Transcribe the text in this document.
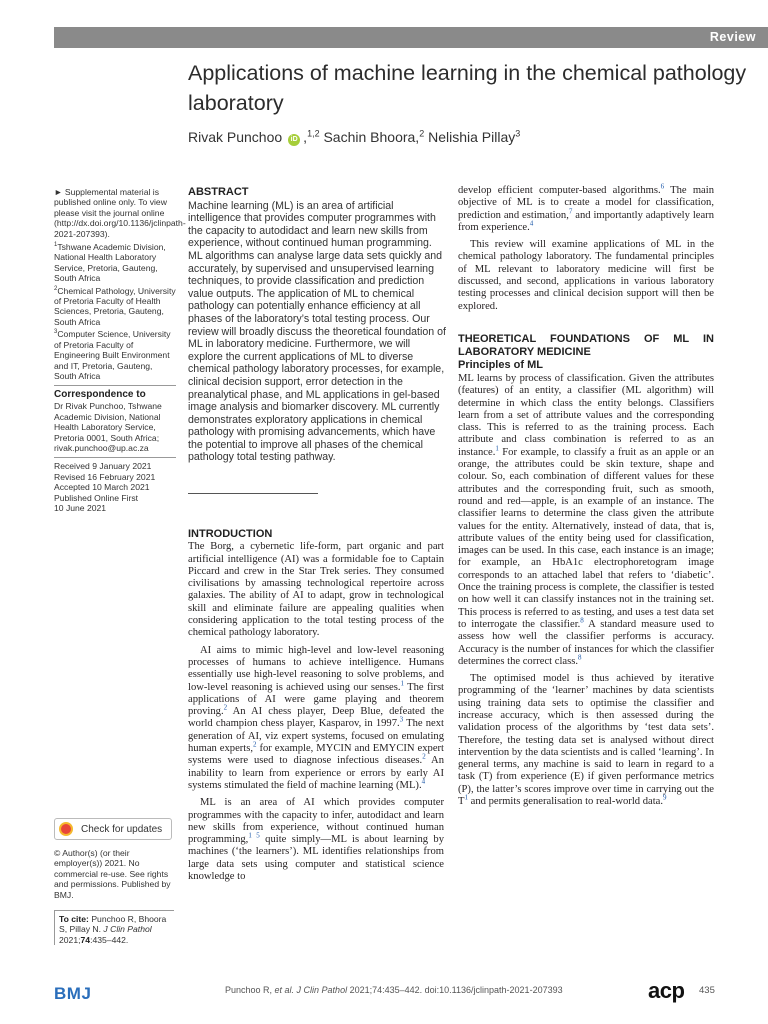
Review
Applications of machine learning in the chemical pathology laboratory
Rivak Punchoo iD ,$^{1,2}$ Sachin Bhoora,$^2$ Nelishia Pillay$^3$
► Supplemental material is published online only. To view please visit the journal online (http://dx.doi.org/10.1136/jclinpath-2021-207393).
$^1$Tshwane Academic Division, National Health Laboratory Service, Pretoria, Gauteng, South Africa
$^2$Chemical Pathology, University of Pretoria Faculty of Health Sciences, Pretoria, Gauteng, South Africa
$^3$Computer Science, University of Pretoria Faculty of Engineering Built Environment and IT, Pretoria, Gauteng, South Africa
Correspondence to
Dr Rivak Punchoo, Tshwane Academic Division, National Health Laboratory Service, Pretoria 0001, South Africa; rivak.punchoo@up.ac.za
Received 9 January 2021
Revised 16 February 2021
Accepted 10 March 2021
Published Online First
10 June 2021
Check for updates
© Author(s) (or their employer(s)) 2021. No commercial re-use. See rights and permissions. Published by BMJ.
To cite: Punchoo R, Bhoora S, Pillay N. J Clin Pathol
2021;74:435–442.
ABSTRACT
Machine learning (ML) is an area of artificial intelligence that provides computer programmes with the capacity to autodidact and learn new skills from experience, without continued human programming. ML algorithms can analyse large data sets quickly and accurately, by supervised and unsupervised learning techniques, to provide classification and prediction value outputs. The application of ML to chemical pathology can potentially enhance efficiency at all phases of the laboratory’s total testing process. Our review will broadly discuss the theoretical foundation of ML in laboratory medicine. Furthermore, we will explore the current applications of ML to diverse chemical pathology laboratory processes, for example, clinical decision support, error detection in the preanalytical phase, and ML applications in gel-based image analysis and biomarker discovery. ML currently demonstrates exploratory applications in chemical pathology with promising advancements, which have the potential to improve all phases of the chemical pathology total testing pathway.
INTRODUCTION

The Borg, a cybernetic life-form, part organic and part artificial intelligence (AI) was a formidable foe to Captain Piccard and crew in the Star Trek series. They consumed civilisations by amassing technological repertoire across galaxies. The ability of AI to adapt, grow in technological skill and eliminate failure are appealing qualities when considering application to the total testing process of the chemical pathology laboratory.

AI aims to mimic high-level and low-level reasoning processes of humans to achieve intelligence. Humans essentially use high-level reasoning to solve problems, and low-level reasoning is achieved using our senses.$^1$ The first applications of AI were game playing and theorem proving.$^2$ An AI chess player, Deep Blue, defeated the world champion chess player, Kasparov, in 1997.$^3$ The next generation of AI, viz expert systems, focused on emulating human experts,$^2$ for example, MYCIN and EMYCIN expert systems were used to diagnose infectious diseases.$^2$ An inability to learn from experience or errors by early AI systems stimulated the field of machine learning (ML).$^4$

ML is an area of AI which provides computer programmes with the capacity to infer, autodidact and learn new skills from experience, without continued human programming,$^{1 5}$ quite simply—ML is about learning by machines (‘the learners’). ML identifies relationships from large data sets using computer and statistical science knowledge to

develop efficient computer-based algorithms.$^6$ The main objective of ML is to create a model for classification, prediction and estimation,$^7$ and importantly adaptively learn from experience.$^4$

This review will examine applications of ML in the chemical pathology laboratory. The fundamental principles of ML relevant to laboratory medicine will first be discussed, and second, applications in various laboratory testing processes and clinical decision support will then be explored.

THEORETICAL FOUNDATIONS OF ML IN LABORATORY MEDICINE
Principles of ML

ML learns by process of classification. Given the attributes (features) of an entity, a classifier (ML algorithm) will determine in which class the entity belongs. Classifiers learn from a set of attribute values and the corresponding class. This is referred to as the training process. Each attribute and class combination is referred to as an instance.$^1$ For example, to classify a fruit as an apple or an orange, the attributes could be skin texture, shape and colour. So, each combination of different values for these attributes and the corresponding fruit, such as smooth, round and red—apple, is an example of an instance. The classifier learns to determine the class given the attribute values for the entity. Alternatively, instead of data, that is, attribute values of the entity being used for classification, images can be used. In this case, each instance is an image; for example, an HbA1c electrophoretogram image corresponds to an attached label that refers to ‘diabetic’. Once the training process is complete, the classifier is tested on how well it can classify instances not in the training set. This process is referred to as testing, and uses a test data set to interrogate the classifier.$^8$ A standard measure used to assess how well the classifier performs is accuracy. Accuracy is the number of instances for which the classifier determines the correct class.$^8$

The optimised model is thus achieved by iterative programming of the ‘learner’ machines by data scientists using training data sets to optimise the classifier and increase accuracy, which is then assessed during the validation process of the algorithms by ‘test data sets’. Therefore, the testing data set is analysed without direct intervention by the data scientists and is called ‘learning’. In general terms, any machine is said to learn in regard to a task (T) from experience (E) if given performance metrics (P), the latter’s scores improve over time in carrying out the T$^1$ and permits generalisation to real-world data.$^9$

BMJ	Punchoo R, et al. J Clin Pathol 2021;74:435–442. doi:10.1136/jclinpath-2021-207393	acp 435
